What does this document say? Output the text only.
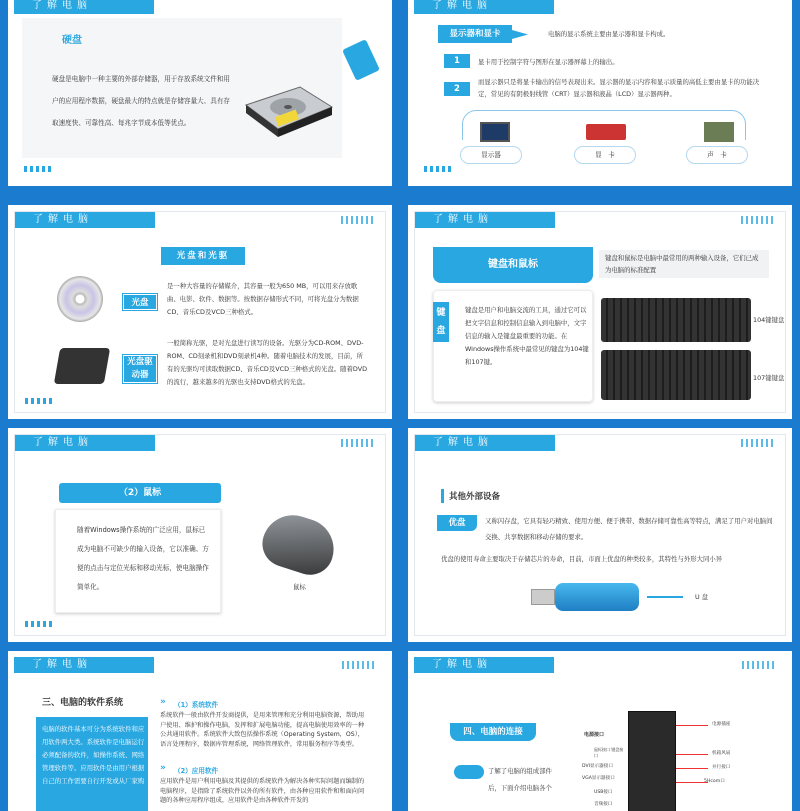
了解电脑
硬盘
硬盘是电脑中一种主要的外部存储器，用于存放系统文件和用户的应用程序数据，硬盘最大的特点就是存储容量大、具有存取速度快、可靠性高、每兆字节成本低等优点。
了解电脑
显示器和显卡	电脑的显示系统主要由显示器和显卡构成。
1	显卡用于控制字符与图形在显示器屏幕上的输出。
2
而显示器只是将显卡输出的信号表现出来。显示器的显示内容和显示质量的高低主要由显卡的功能决定，常见的有阴极射线管（CRT）显示器和液晶（LCD）显示器两种。
显示器	显　卡	声　卡
了解电脑
光盘和光驱
光盘
是一种大容量的存储媒介，其容量一般为650 MB，可以用来存放歌曲、电影、软件、数据等。按数据存储形式不同，可将光盘分为数据CD、音乐CD及VCD三种格式。
光盘驱动器
一般简称光驱，是对光盘进行读写的设备。光驱分为CD-ROM、DVD-ROM、CD刻录机和DVD刻录机4种。随着电脑技术的发展，目前，所有的光驱均可读取数据CD、音乐CD及VCD三种格式的光盘。随着DVD的流行，越来越多的光驱也支持DVD格式的光盘。
了解电脑
键盘和鼠标
键盘和鼠标是电脑中最常用的两种输入设备，它们已成为电脑的标准配置
键盘
键盘是用户和电脑交流的工具，通过它可以把文字信息和控制信息输入到电脑中，文字信息的输入是键盘最重要的功能。在Windows操作系统中最常见的键盘为104键和107键。
104键键盘
107键键盘
了解电脑
（2）鼠标
随着Windows操作系统的广泛应用，鼠标已成为电脑不可缺少的输入设备，它以准确、方便的点击与定位光标和移动光标，使电脑操作简单化。	鼠标
了解电脑
其他外部设备
优盘	又称闪存盘，它具有轻巧精致、使用方便、便于携带、数据存储可靠性高等特点，满足了用户对电脑间交换、共享数据和移动存储的要求。
优盘的使用寿命主要取决于存储芯片的寿命，目前，市面上优盘的种类较多，其特性与外形大同小异
U 盘
了解电脑
三、电脑的软件系统
电脑的软件基本可分为系统软件和应用软件两大类。系统软件是电脑运行必须配备的软件，如操作系统、网络管理软件等。应用软件是由用户根据自己的工作需要自行开发或从厂家购
» （1）系统软件
系统软件一般由软件开发商提供，是用来管理和充分利用电脑资源，帮助用户使用、维护和操作电脑，发挥和扩展电脑功能，提高电脑使用效率的一种公共通用软件。系统软件大致包括操作系统（Operating System，OS），语言处理程序，数据库管理系统，网络管理软件，常用服务程序等类型。
» （2）应用软件
应用软件是用户利用电脑及其提供的系统软件为解决各种实际问题而编制的电脑程序，是指除了系统软件以外的所有软件，由各种应用软件和和面向问题的各种应用程序组成，应用软件是由各种软件开发的
了解电脑
四、电脑的连接
了解了电脑的组成部件后，下面介绍电脑各个
电源接口
鼠标接口 键盘接口
DVI显示器接口
VGA显示器接口
USB接口
音频接口
电源插座
机箱风扇
并行接口
5Hcom口
